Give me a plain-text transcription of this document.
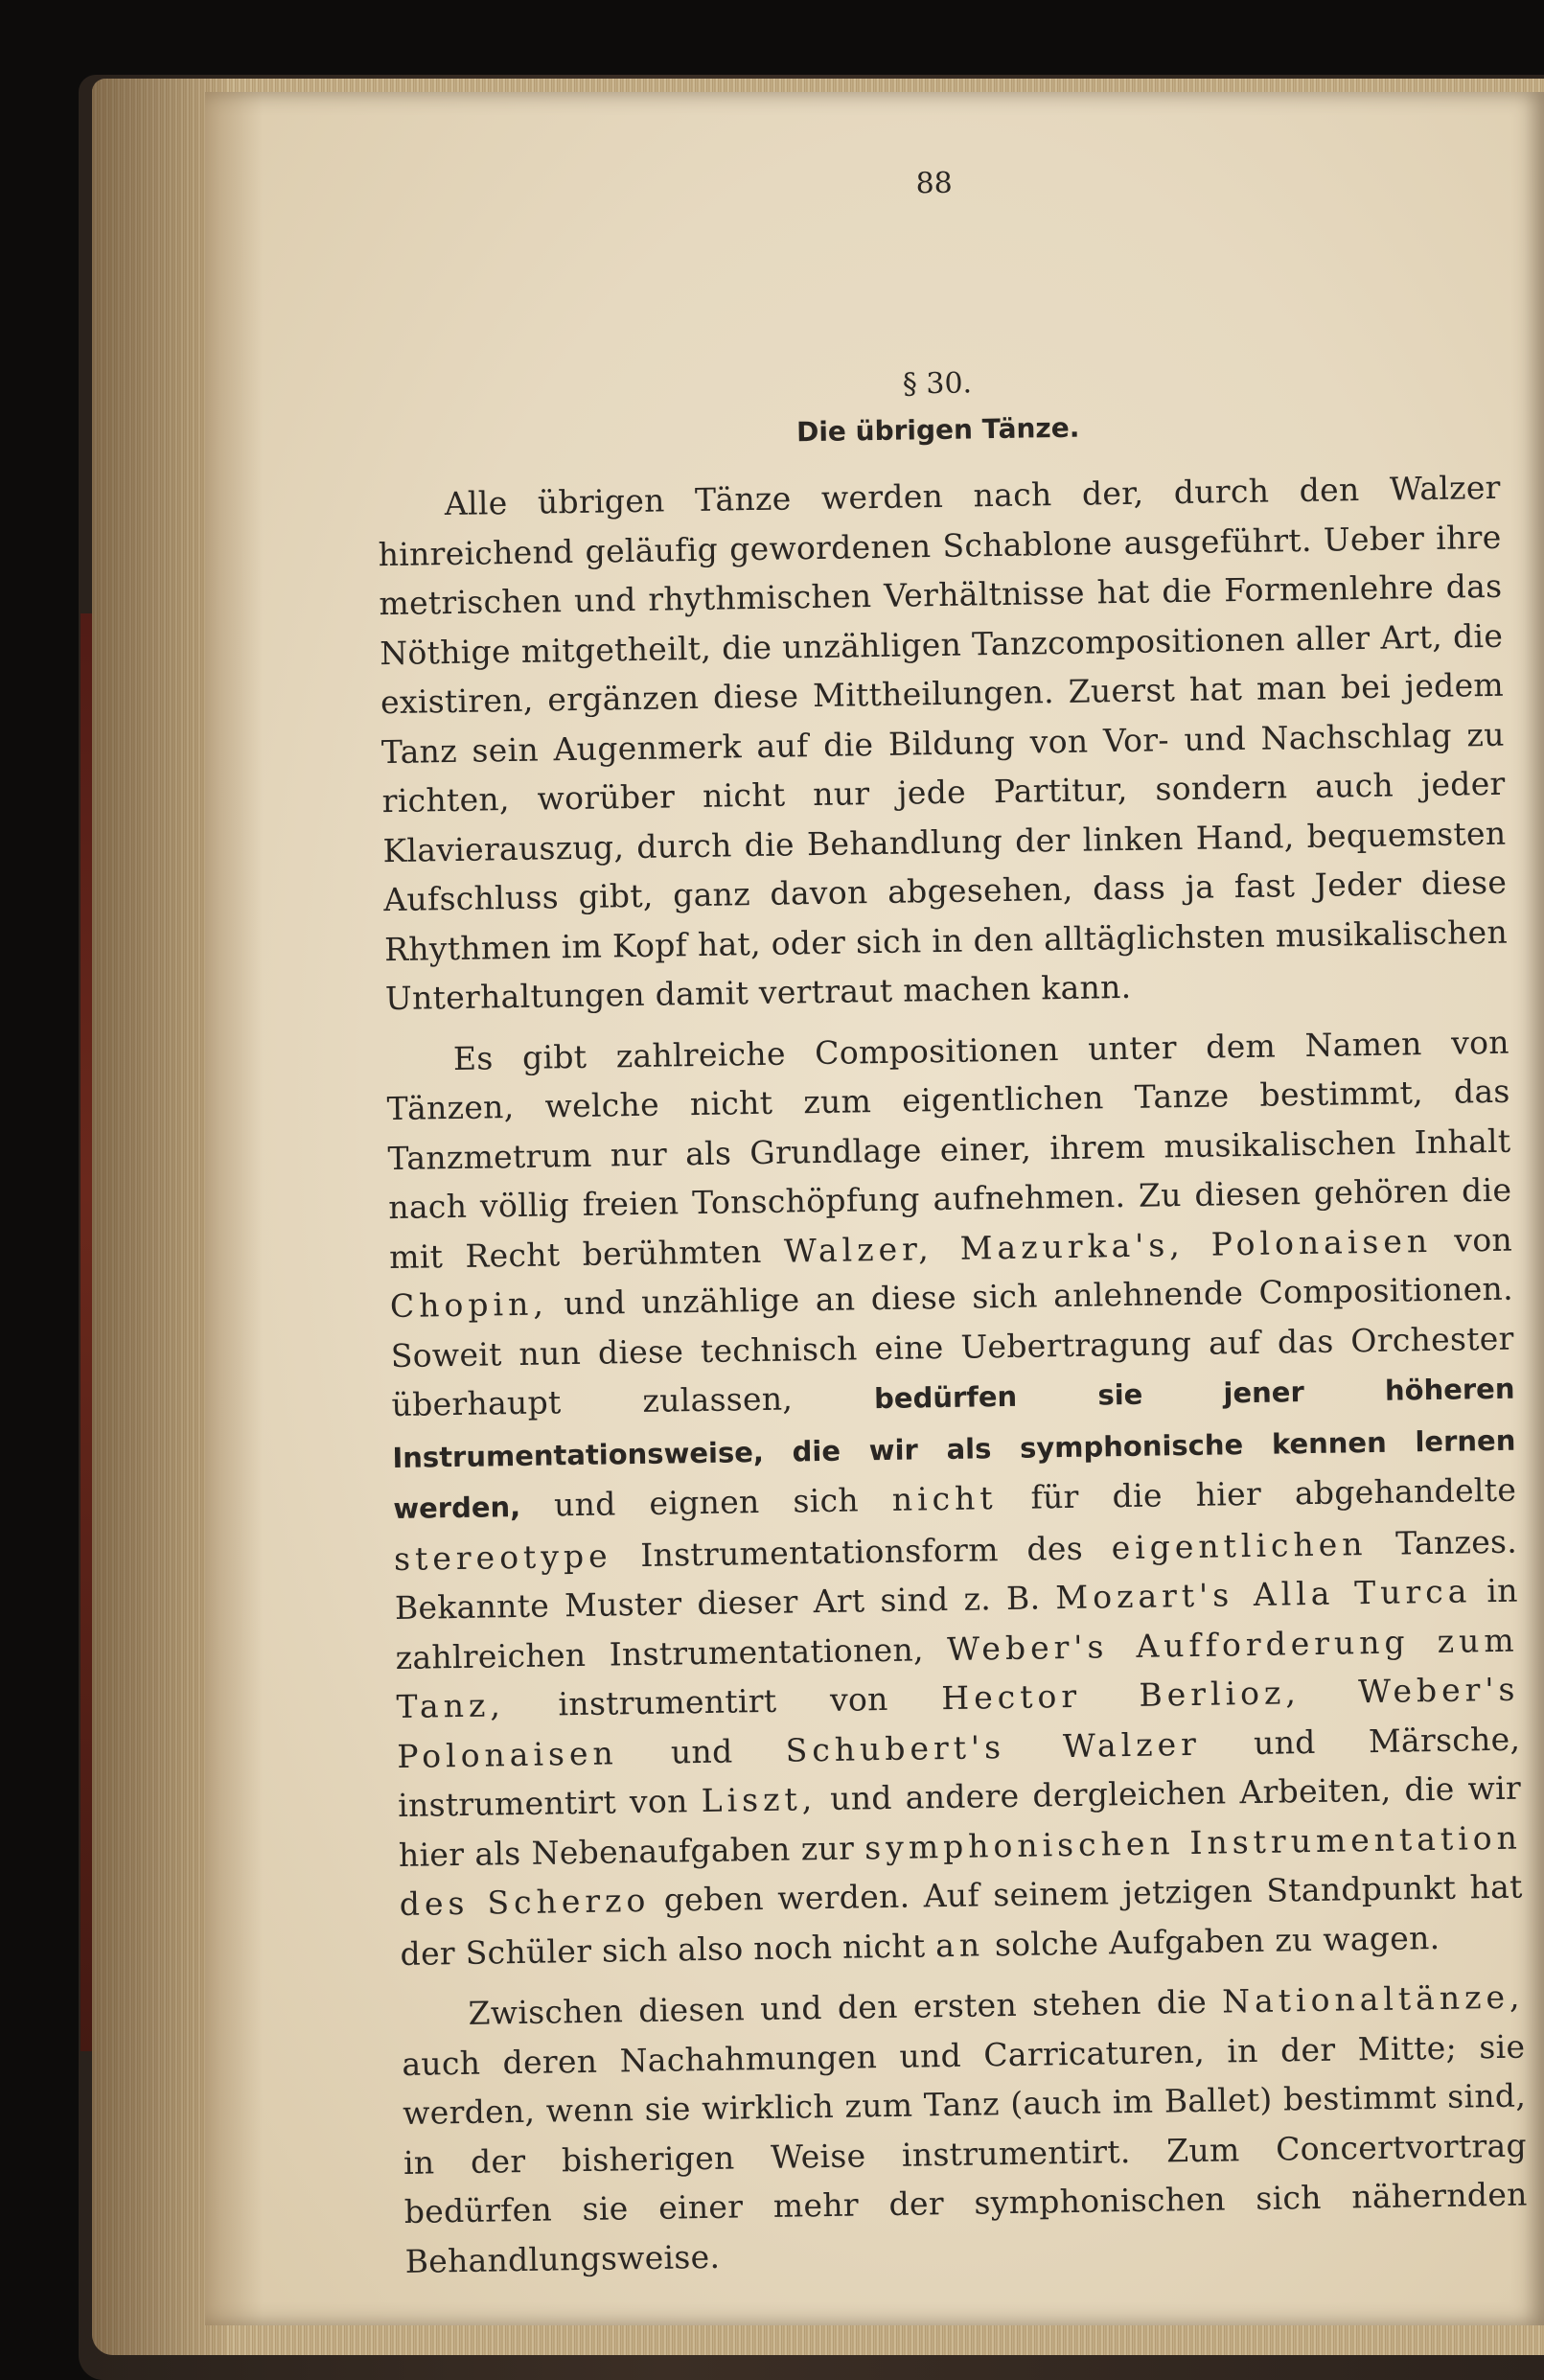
88
§ 30.
Die übrigen Tänze.

Alle übrigen Tänze werden nach der, durch den Walzer hinreichend geläufig gewordenen Schablone ausgeführt. Ueber ihre metrischen und rhythmischen Verhältnisse hat die Formenlehre das Nöthige mitgetheilt, die unzähligen Tanzcompositionen aller Art, die existiren, ergänzen diese Mittheilungen. Zuerst hat man bei jedem Tanz sein Augenmerk auf die Bildung von Vor- und Nachschlag zu richten, worüber nicht nur jede Partitur, sondern auch jeder Klavierauszug, durch die Behandlung der linken Hand, bequemsten Aufschluss gibt, ganz davon abgesehen, dass ja fast Jeder diese Rhythmen im Kopf hat, oder sich in den alltäglichsten musikalischen Unterhaltungen damit vertraut machen kann.

Es gibt zahlreiche Compositionen unter dem Namen von Tänzen, welche nicht zum eigentlichen Tanze bestimmt, das Tanzmetrum nur als Grundlage einer, ihrem musikalischen Inhalt nach völlig freien Tonschöpfung aufnehmen. Zu diesen gehören die mit Recht berühmten Walzer, Mazurka's, Polonaisen von Chopin, und unzählige an diese sich anlehnende Compositionen. Soweit nun diese technisch eine Uebertragung auf das Orchester überhaupt zulassen,	bedürfen sie jener höheren Instrumentationsweise, die wir als symphonische kennen lernen werden, und eignen sich nicht für die hier abgehandelte stereotype Instrumentationsform des eigentlichen Tanzes. Bekannte Muster dieser Art sind z. B. Mozart's Alla Turca in zahlreichen Instrumentationen, Weber's Aufforderung zum Tanz, instrumentirt von Hector Berlioz, Weber's Polonaisen und Schubert's Walzer und Märsche, instrumentirt von Liszt, und andere dergleichen Arbeiten, die wir hier als Nebenaufgaben zur symphonischen Instrumentation des Scherzo geben werden. Auf seinem jetzigen Standpunkt hat der Schüler sich also noch nicht an solche Aufgaben zu wagen.

Zwischen diesen und den ersten stehen die Nationaltänze, auch deren Nachahmungen und Carricaturen, in der Mitte; sie werden, wenn sie wirklich zum Tanz (auch im Ballet) bestimmt sind, in der bisherigen Weise instrumentirt. Zum Concertvortrag bedürfen sie einer mehr der symphonischen sich nähernden Behandlungsweise.
